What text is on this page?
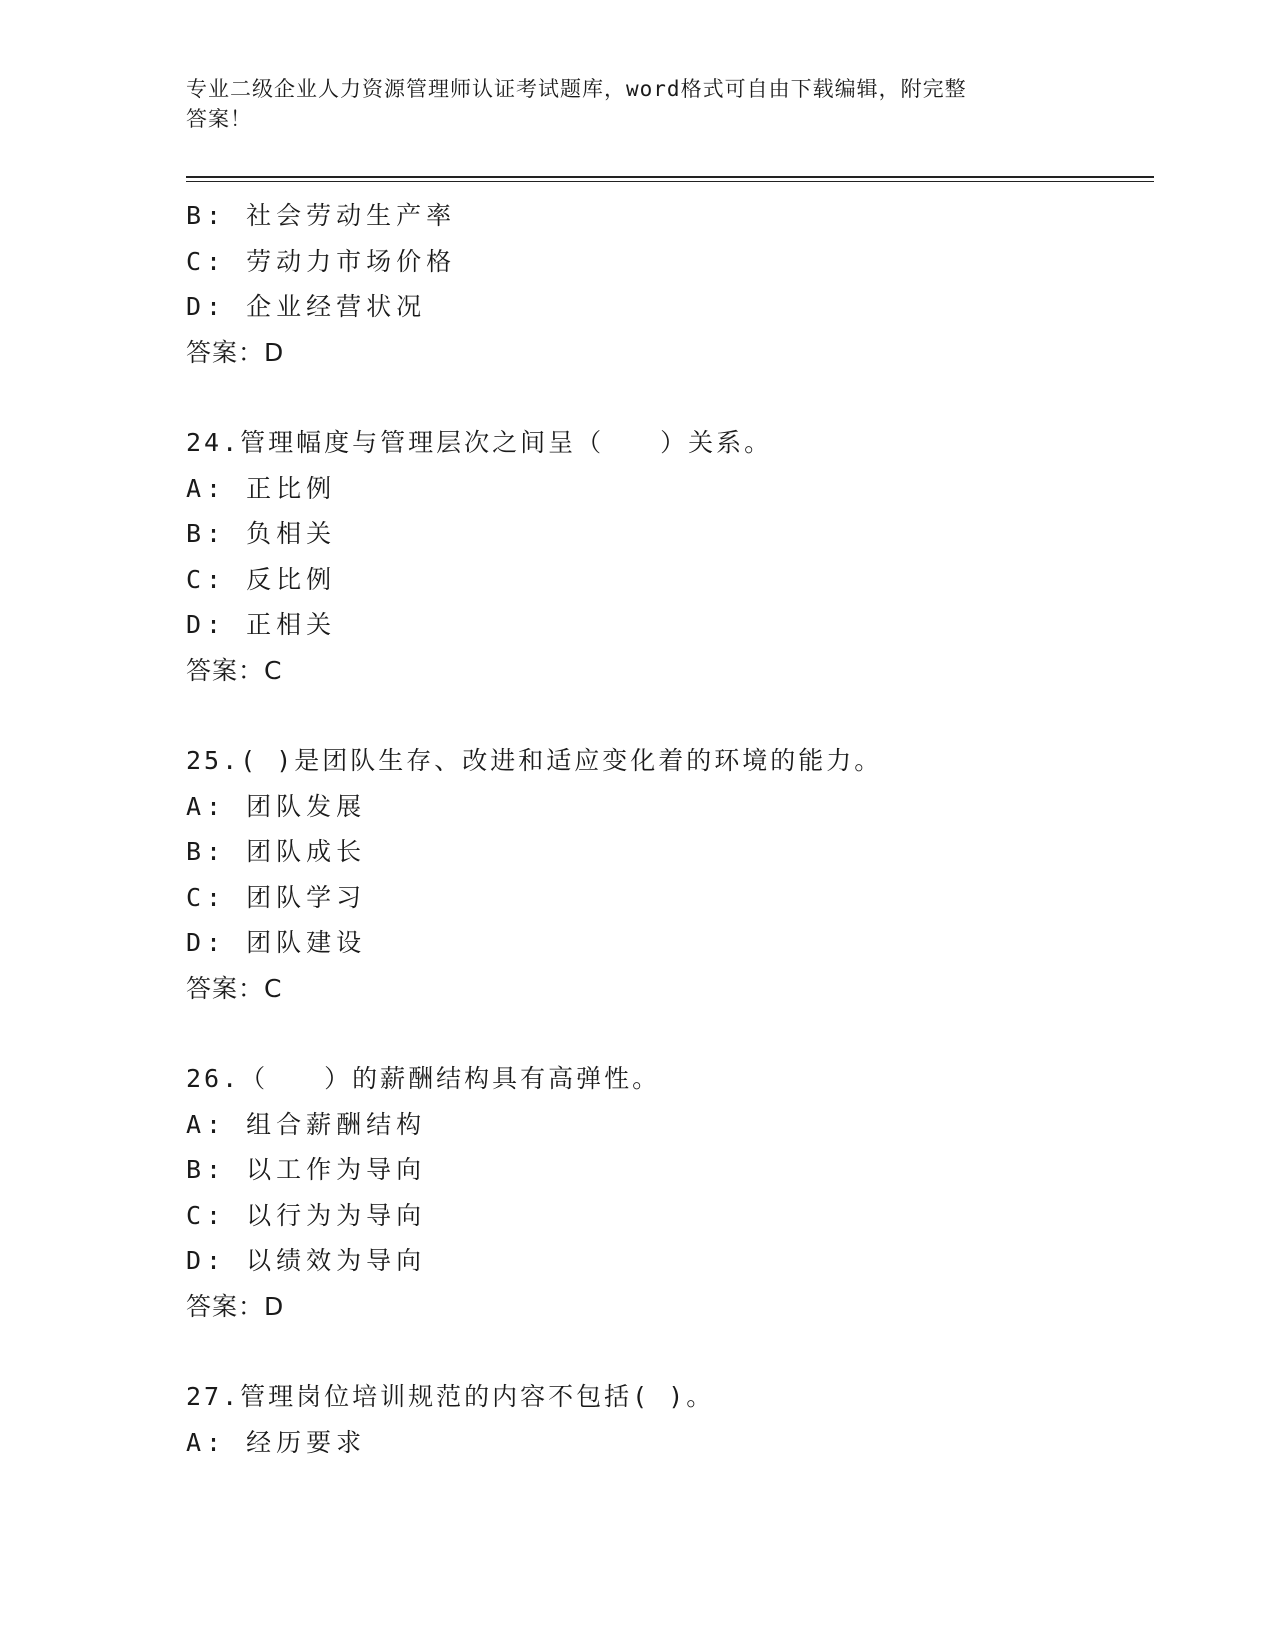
专业二级企业人力资源管理师认证考试题库，word格式可自由下载编辑，附完整
答案！
B: 社会劳动生产率
C: 劳动力市场价格
D: 企业经营状况
答案：D
24.管理幅度与管理层次之间呈（　　）关系。
A: 正比例
B: 负相关
C: 反比例
D: 正相关
答案：C
25.( )是团队生存、改进和适应变化着的环境的能力。
A: 团队发展
B: 团队成长
C: 团队学习
D: 团队建设
答案：C
26.（　　）的薪酬结构具有高弹性。
A: 组合薪酬结构
B: 以工作为导向
C: 以行为为导向
D: 以绩效为导向
答案：D
27.管理岗位培训规范的内容不包括( )。
A: 经历要求
